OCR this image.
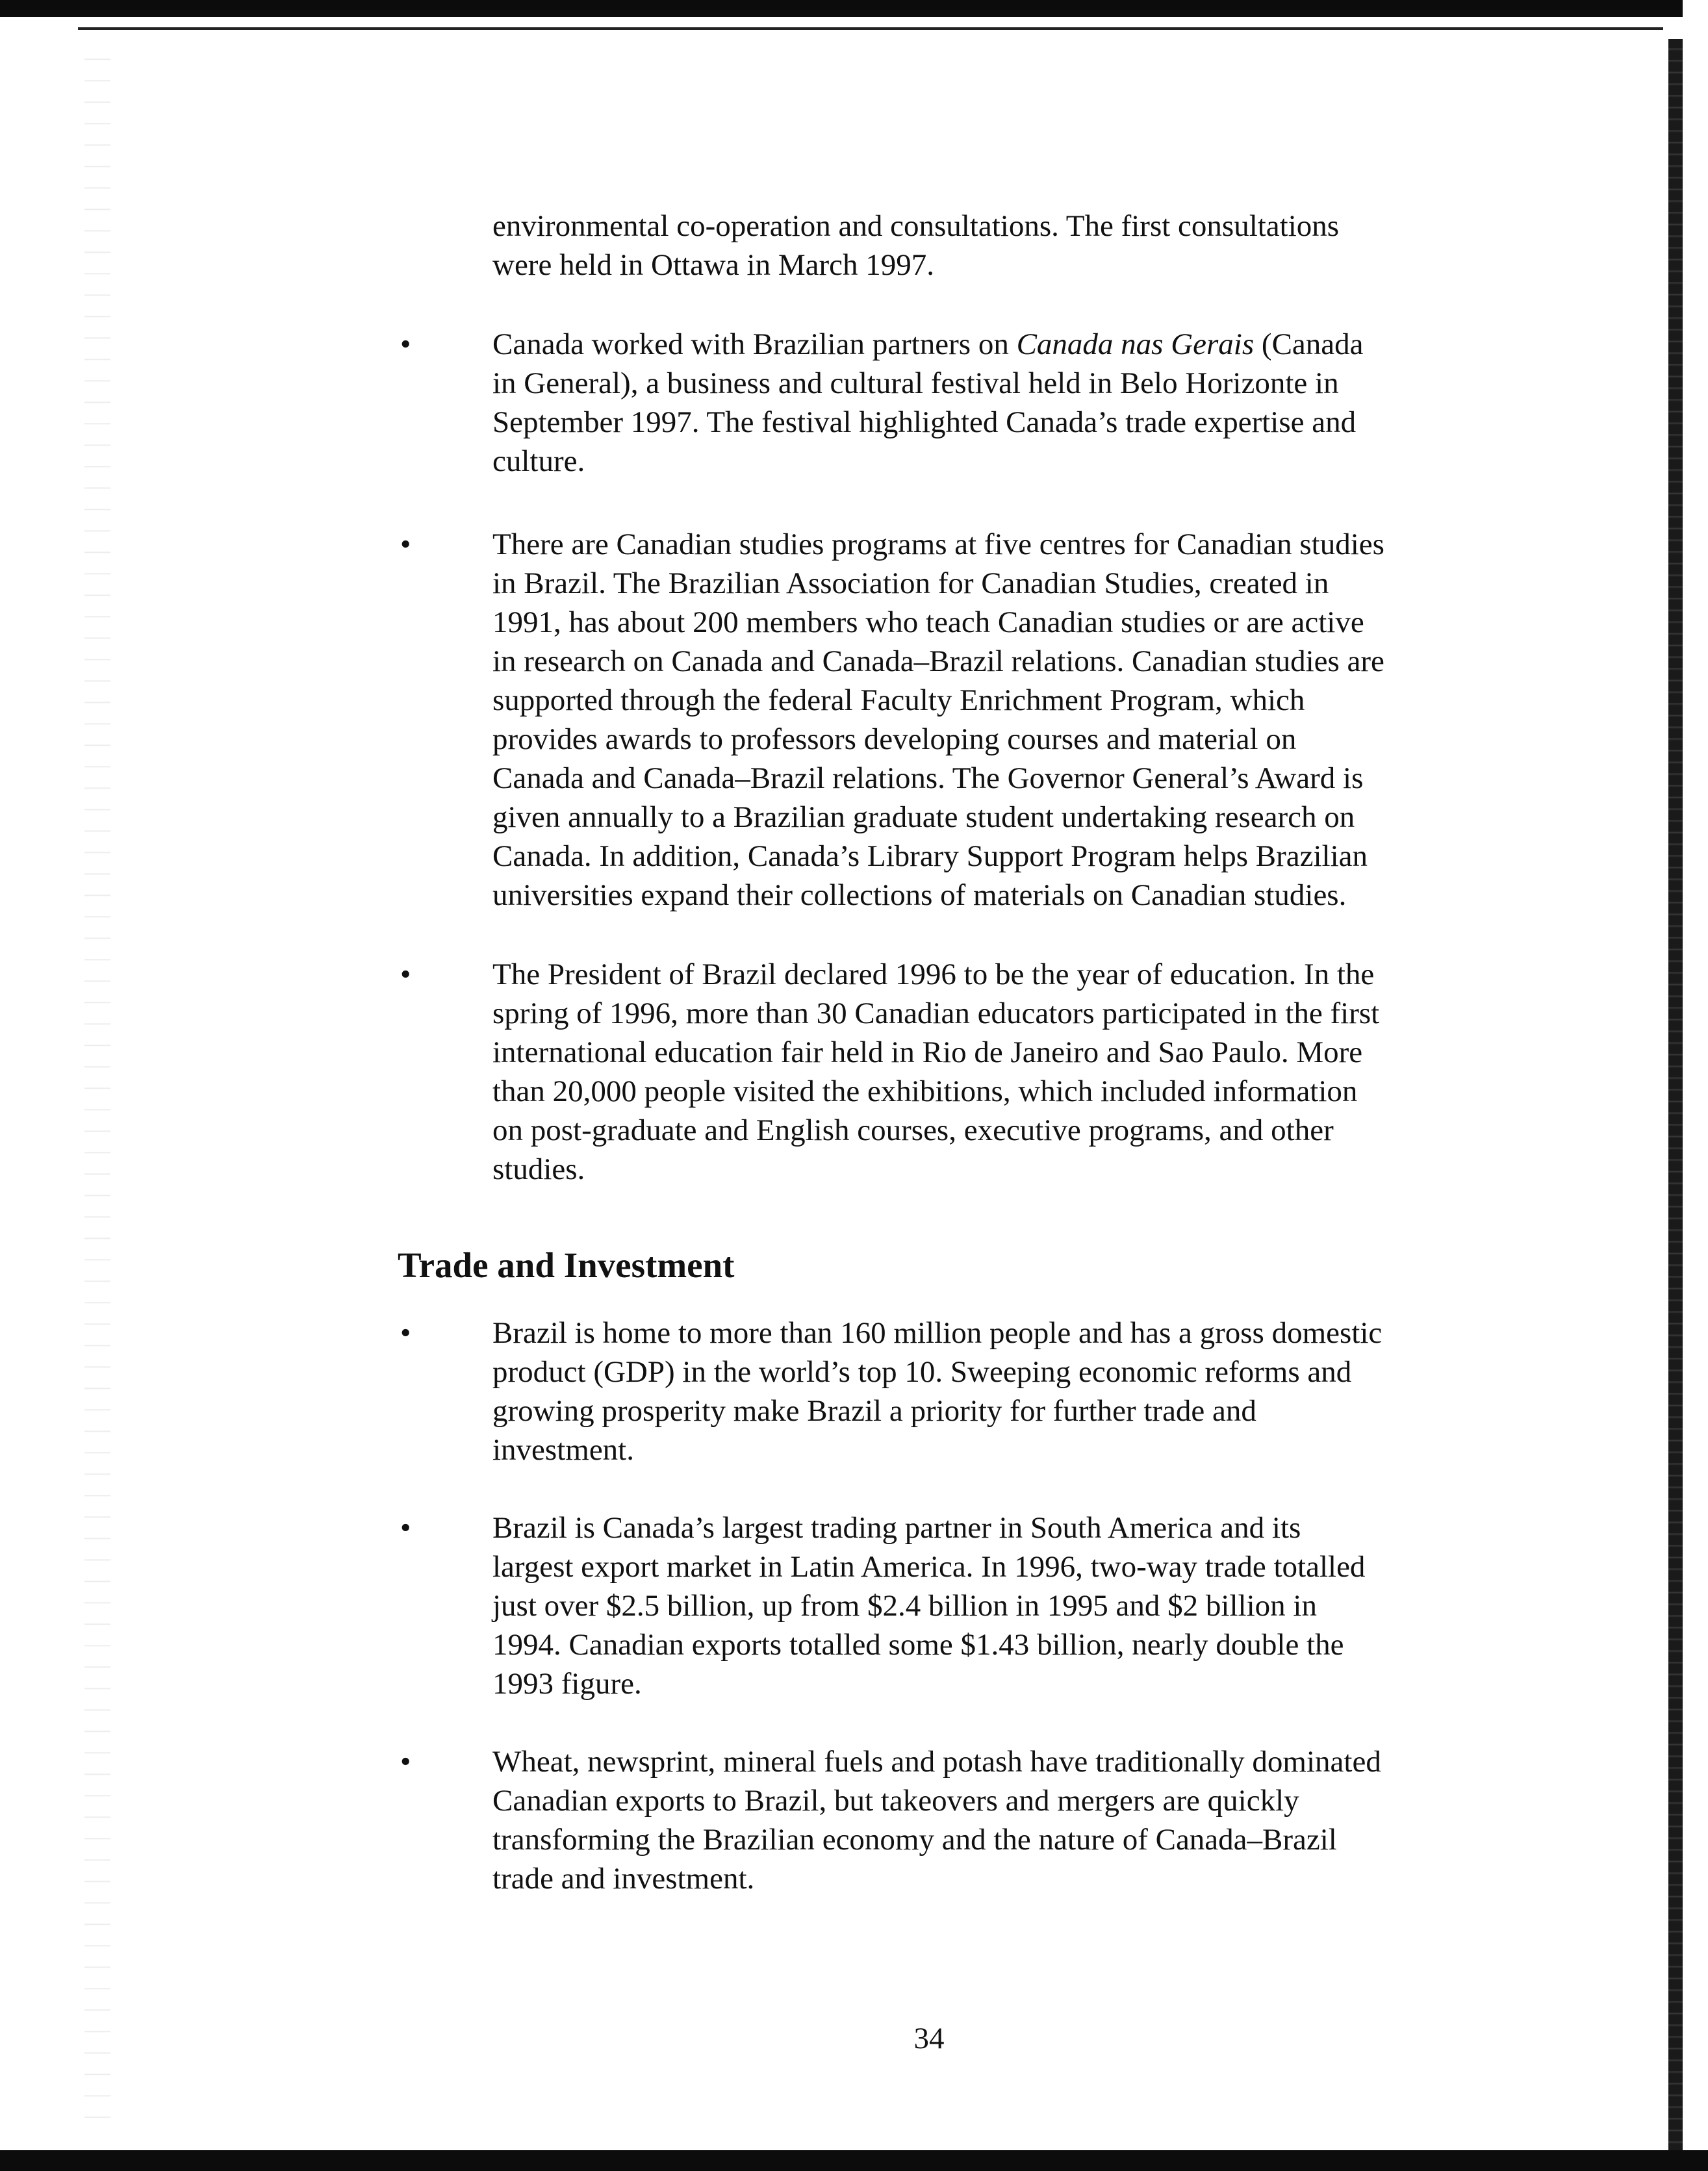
environmental co-operation and consultations. The first consultations
were held in Ottawa in March 1997.

•	Canada worked with Brazilian partners on Canada nas Gerais (Canada
in General), a business and cultural festival held in Belo Horizonte in
September 1997. The festival highlighted Canada’s trade expertise and
culture.

•	There are Canadian studies programs at five centres for Canadian studies
in Brazil. The Brazilian Association for Canadian Studies, created in
1991, has about 200 members who teach Canadian studies or are active
in research on Canada and Canada–Brazil relations. Canadian studies are
supported through the federal Faculty Enrichment Program, which
provides awards to professors developing courses and material on
Canada and Canada–Brazil relations. The Governor General’s Award is
given annually to a Brazilian graduate student undertaking research on
Canada. In addition, Canada’s Library Support Program helps Brazilian
universities expand their collections of materials on Canadian studies.

•	The President of Brazil declared 1996 to be the year of education. In the
spring of 1996, more than 30 Canadian educators participated in the first
international education fair held in Rio de Janeiro and Sao Paulo. More
than 20,000 people visited the exhibitions, which included information
on post-graduate and English courses, executive programs, and other
studies.

Trade and Investment
•	Brazil is home to more than 160 million people and has a gross domestic
product (GDP) in the world’s top 10. Sweeping economic reforms and
growing prosperity make Brazil a priority for further trade and
investment.

•	Brazil is Canada’s largest trading partner in South America and its
largest export market in Latin America. In 1996, two-way trade totalled
just over $2.5 billion, up from $2.4 billion in 1995 and $2 billion in
1994. Canadian exports totalled some $1.43 billion, nearly double the
1993 figure.

•	Wheat, newsprint, mineral fuels and potash have traditionally dominated
Canadian exports to Brazil, but takeovers and mergers are quickly
transforming the Brazilian economy and the nature of Canada–Brazil
trade and investment.

34
